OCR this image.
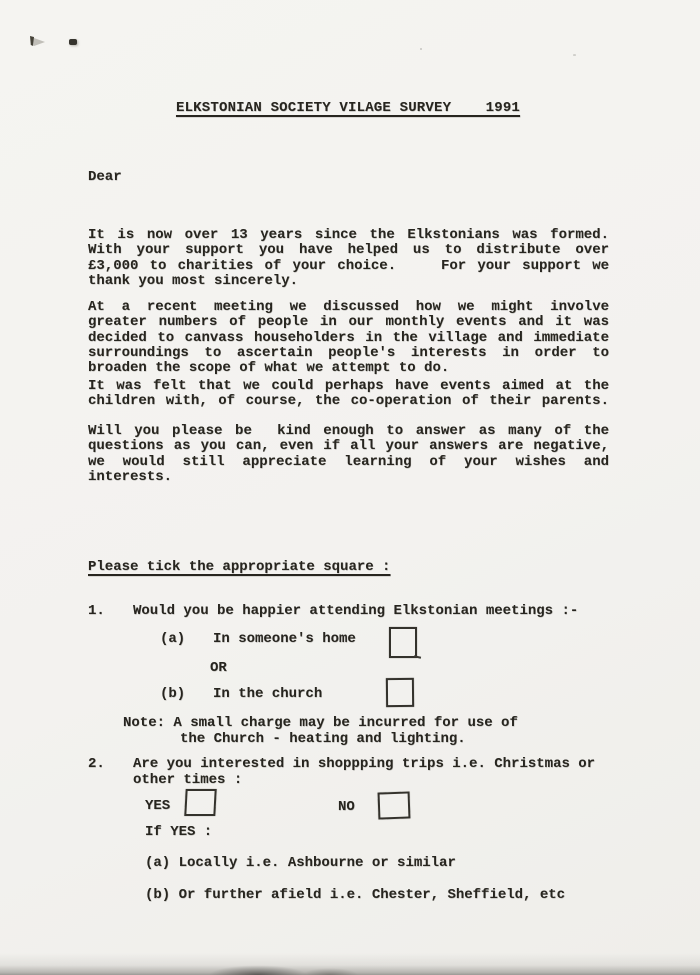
ELKSTONIAN SOCIETY VILAGE SURVEY    1991
Dear
It is now over 13 years since the Elkstonians was formed.
With your support you have helped us to distribute over
£3,000 to charities of your choice.    For your support we
thank you most sincerely.
At a recent meeting we discussed how we might involve
greater numbers of people in our monthly events and it was
decided to canvass householders in the village and immediate
surroundings to ascertain people's interests in order to
broaden the scope of what we attempt to do.
It was felt that we could perhaps have events aimed at the
children with, of course, the co-operation of their parents.
Will you please be  kind enough to answer as many of the
questions as you can, even if all your answers are negative,
we would still appreciate learning of your wishes and
interests.
Please tick the appropriate square :
1. Would you be happier attending Elkstonian meetings :-
(a) In someone's home
OR
(b) In the church
Note: A small charge may be incurred for use of
the Church - heating and lighting.
2. Are you interested in shoppping trips i.e. Christmas or
other times :
YES	NO
If YES :
(a) Locally i.e. Ashbourne or similar
(b) Or further afield i.e. Chester, Sheffield, etc
